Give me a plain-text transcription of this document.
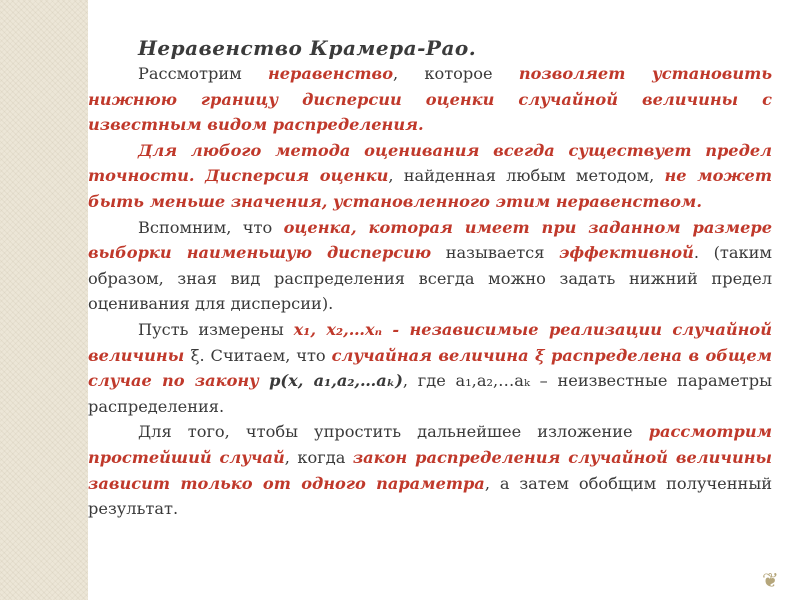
Неравенство Крамера-Рао.

Рассмотрим неравенство, которое позволяет установить нижнюю границу дисперсии оценки случайной величины с известным видом распределения.

Для любого метода оценивания всегда существует предел точности. Дисперсия оценки, найденная любым методом, не может быть меньше значения, установленного этим неравенством.

Вспомним, что оценка, которая имеет при заданном размере выборки наименьшую дисперсию называется эффективной. (таким образом, зная вид распределения всегда можно задать нижний предел оценивания для дисперсии).

Пусть измерены x₁, x₂,…xₙ - независимые реализации случайной величины ξ. Считаем, что случайная величина ξ распределена в общем случае по закону p(x, a₁,a₂,…aₖ), где a₁,a₂,…aₖ – неизвестные параметры распределения.

Для того, чтобы упростить дальнейшее изложение рассмотрим простейший случай, когда закон распределения случайной величины зависит только от одного параметра, а затем обобщим полученный результат.

❦
